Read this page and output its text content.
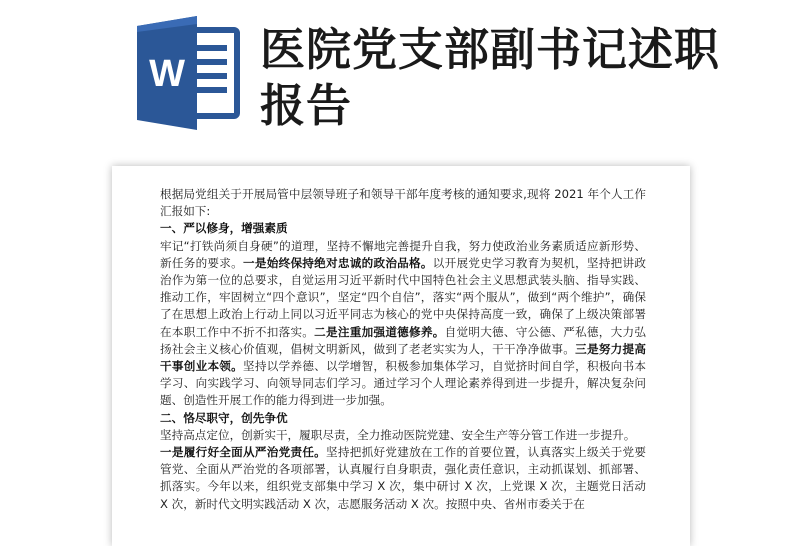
W 医院党支部副书记述职报告

根据局党组关于开展局管中层领导班子和领导干部年度考核的通知要求,现将 2021 年个人工作汇报如下:

一、严以修身，增强素质

牢记“打铁尚须自身硬”的道理，坚持不懈地完善提升自我，努力使政治业务素质适应新形势、新任务的要求。一是始终保持绝对忠诚的政治品格。以开展党史学习教育为契机，坚持把讲政治作为第一位的总要求，自觉运用习近平新时代中国特色社会主义思想武装头脑、指导实践、推动工作，牢固树立“四个意识”，坚定“四个自信”，落实“两个服从”，做到“两个维护”，确保了在思想上政治上行动上同以习近平同志为核心的党中央保持高度一致，确保了上级决策部署在本职工作中不折不扣落实。二是注重加强道德修养。自觉明大德、守公德、严私德，大力弘扬社会主义核心价值观，倡树文明新风，做到了老老实实为人，干干净净做事。三是努力提高干事创业本领。坚持以学养德、以学增智，积极参加集体学习，自觉挤时间自学，积极向书本学习、向实践学习、向领导同志们学习。通过学习个人理论素养得到进一步提升，解决复杂问题、创造性开展工作的能力得到进一步加强。

二、恪尽职守，创先争优

坚持高点定位，创新实干，履职尽责，全力推动医院党建、安全生产等分管工作进一步提升。

一是履行好全面从严治党责任。坚持把抓好党建放在工作的首要位置，认真落实上级关于党要管党、全面从严治党的各项部署，认真履行自身职责，强化责任意识，主动抓谋划、抓部署、抓落实。今年以来，组织党支部集中学习 X 次，集中研讨 X 次，上党课 X 次，主题党日活动 X 次，新时代文明实践活动 X 次，志愿服务活动 X 次。按照中央、省州市委关于在
